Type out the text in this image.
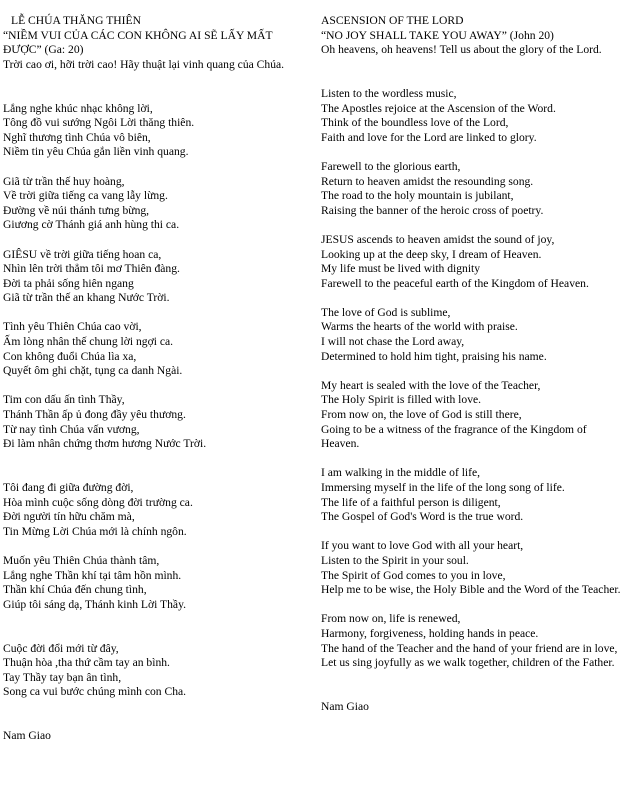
LỄ CHÚA THĂNG THIÊN
“NIỀM VUI CỦA CÁC CON KHÔNG AI SẼ LẤY MẤT ĐƯỢC” (Ga: 20)
Trời cao ơi, hỡi trời cao! Hãy thuật lại vinh quang của Chúa.
Lắng nghe khúc nhạc không lời,
Tông đồ vui sướng Ngôi Lời thăng thiên.
Nghĩ thương tình Chúa vô biên,
Niềm tin yêu Chúa gắn liền vinh quang.
Giã từ trần thế huy hoàng,
Về trời giữa tiếng ca vang lẫy lừng.
Đường về núi thánh tưng bừng,
Giương cờ Thánh giá anh hùng thi ca.
GIÊSU về trời giữa tiếng hoan ca,
Nhìn lên trời thẳm tôi mơ Thiên đàng.
Đời ta phải sống hiên ngang
Giã từ trần thế an khang Nước Trời.
Tình yêu Thiên Chúa cao vời,
Ấm lòng nhân thế chung lời ngợi ca.
Con không đuổi Chúa lìa xa,
Quyết ôm ghi chặt, tụng ca danh Ngài.
Tim con dấu ấn tình Thầy,
Thánh Thần ấp ủ đong đầy yêu thương.
Từ nay tình Chúa vấn vương,
Đi làm nhân chứng thơm hương Nước Trời.
Tôi đang đi giữa đường đời,
Hòa mình cuộc sống dòng đời trường ca.
Đời người tín hữu chăm mà,
Tin Mừng Lời Chúa mới là chính ngôn.
Muốn yêu Thiên Chúa thành tâm,
Lắng nghe Thần khí tại tâm hồn mình.
Thần khí Chúa đến chung tình,
Giúp tôi sáng dạ, Thánh kinh Lời Thầy.
Cuộc đời đổi mới từ đây,
Thuận hòa ,tha thứ cầm tay an bình.
Tay Thầy tay bạn ân tình,
Song ca vui bước chúng mình con Cha.
Nam Giao
ASCENSION OF THE LORD
“NO JOY SHALL TAKE YOU AWAY” (John 20)
Oh heavens, oh heavens! Tell us about the glory of the Lord.
Listen to the wordless music,
The Apostles rejoice at the Ascension of the Word.
Think of the boundless love of the Lord,
Faith and love for the Lord are linked to glory.
Farewell to the glorious earth,
Return to heaven amidst the resounding song.
The road to the holy mountain is jubilant,
Raising the banner of the heroic cross of poetry.
JESUS ascends to heaven amidst the sound of joy,
Looking up at the deep sky, I dream of Heaven.
My life must be lived with dignity
Farewell to the peaceful earth of the Kingdom of Heaven.
The love of God is sublime,
Warms the hearts of the world with praise.
I will not chase the Lord away,
Determined to hold him tight, praising his name.
My heart is sealed with the love of the Teacher,
The Holy Spirit is filled with love.
From now on, the love of God is still there,
Going to be a witness of the fragrance of the Kingdom of Heaven.
I am walking in the middle of life,
Immersing myself in the life of the long song of life.
The life of a faithful person is diligent,
The Gospel of God's Word is the true word.
If you want to love God with all your heart,
Listen to the Spirit in your soul.
The Spirit of God comes to you in love,
Help me to be wise, the Holy Bible and the Word of the Teacher.
From now on, life is renewed,
Harmony, forgiveness, holding hands in peace.
The hand of the Teacher and the hand of your friend are in love,
Let us sing joyfully as we walk together, children of the Father.
Nam Giao
